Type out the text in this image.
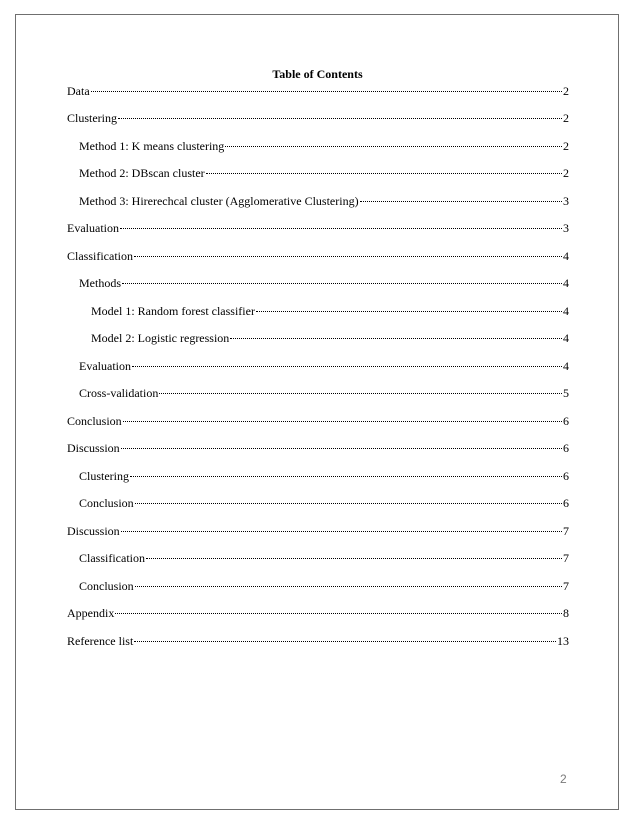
Table of Contents
Data	2
Clustering	2
Method 1: K means clustering	2
Method 2: DBscan cluster	2
Method 3: Hirerechcal cluster (Agglomerative Clustering)	3
Evaluation	3
Classification	4
Methods	4
Model 1: Random forest classifier	4
Model 2: Logistic regression	4
Evaluation	4
Cross-validation	5
Conclusion	6
Discussion	6
Clustering	6
Conclusion	6
Discussion	7
Classification	7
Conclusion	7
Appendix	8
Reference list	13
2
